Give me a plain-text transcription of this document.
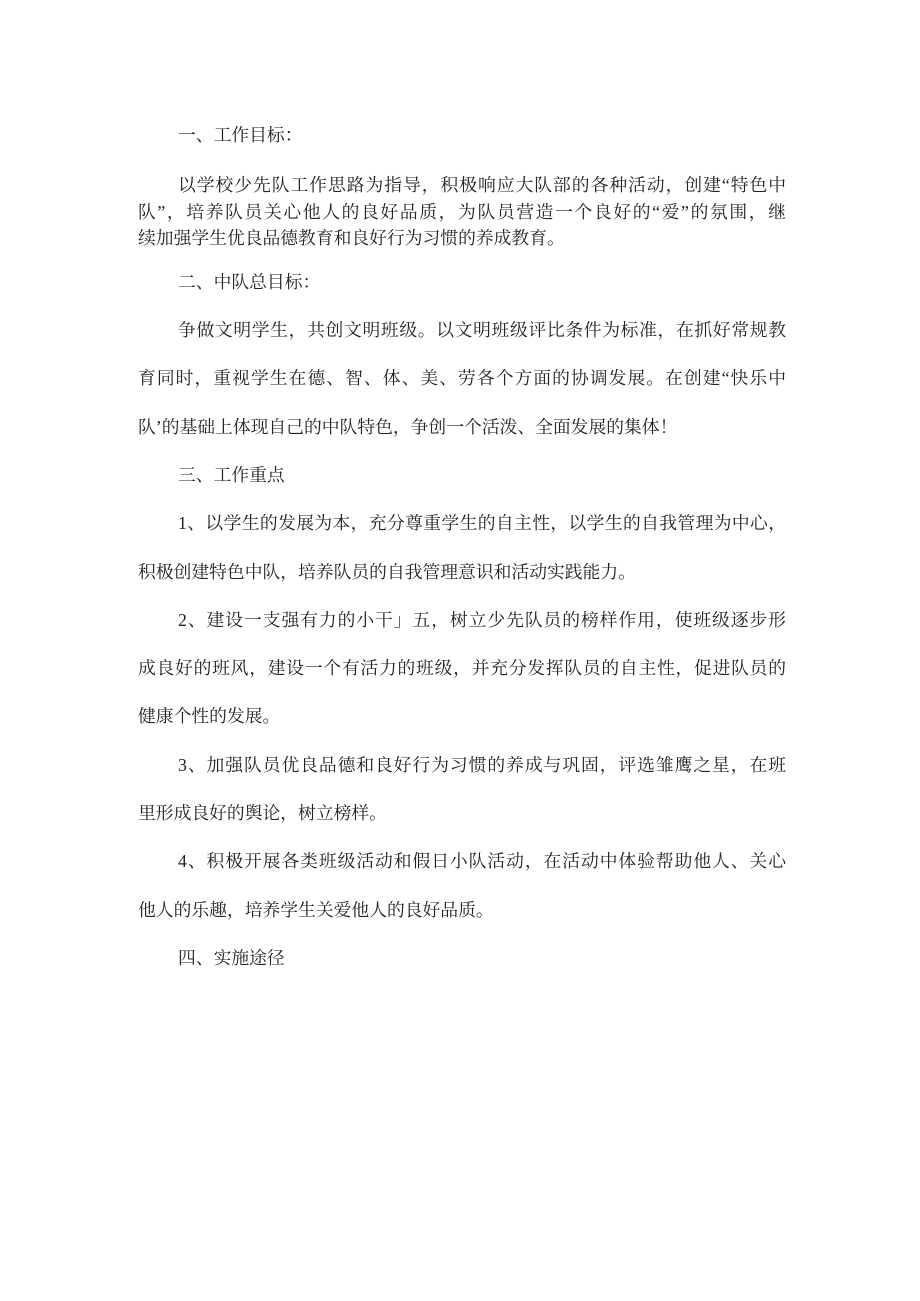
一、工作目标：
以学校少先队工作思路为指导，积极响应大队部的各种活动，创建“特色中
队”，培养队员关心他人的良好品质，为队员营造一个良好的“爱”的氛围，继
续加强学生优良品德教育和良好行为习惯的养成教育。
二、中队总目标：
争做文明学生，共创文明班级。以文明班级评比条件为标准，在抓好常规教
育同时，重视学生在德、智、体、美、劳各个方面的协调发展。在创建“快乐中
队’的基础上体现自己的中队特色，争创一个活泼、全面发展的集体！
三、工作重点
1、以学生的发展为本，充分尊重学生的自主性，以学生的自我管理为中心，
积极创建特色中队，培养队员的自我管理意识和活动实践能力。
2、建设一支强有力的小干」五，树立少先队员的榜样作用，使班级逐步形
成良好的班风，建设一个有活力的班级，并充分发挥队员的自主性，促进队员的
健康个性的发展。
3、加强队员优良品德和良好行为习惯的养成与巩固，评选雏鹰之星，在班
里形成良好的舆论，树立榜样。
4、积极开展各类班级活动和假日小队活动，在活动中体验帮助他人、关心
他人的乐趣，培养学生关爱他人的良好品质。
四、实施途径
